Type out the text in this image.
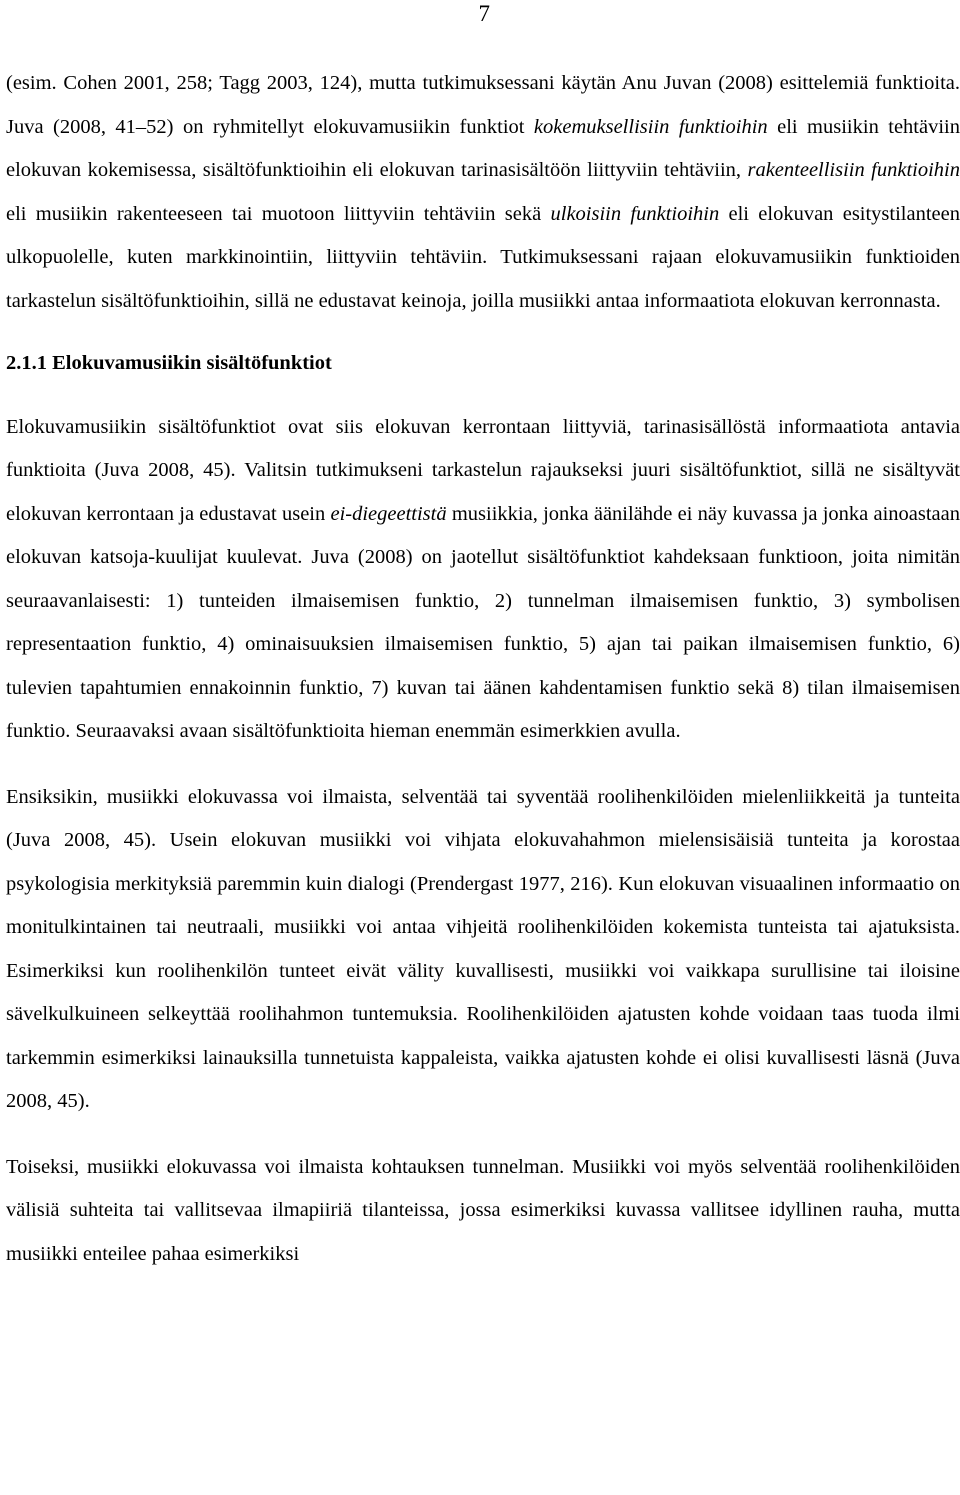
7

(esim. Cohen 2001, 258; Tagg 2003, 124), mutta tutkimuksessani käytän Anu Juvan (2008) esittelemiä funktioita. Juva (2008, 41–52) on ryhmitellyt elokuvamusiikin funktiot kokemuksellisiin funktioihin eli musiikin tehtäviin elokuvan kokemisessa, sisältöfunktioihin eli elokuvan tarinasisältöön liittyviin tehtäviin, rakenteellisiin funktioihin eli musiikin rakenteeseen tai muotoon liittyviin tehtäviin sekä ulkoisiin funktioihin eli elokuvan esitystilanteen ulkopuolelle, kuten markkinointiin, liittyviin tehtäviin. Tutkimuksessani rajaan elokuvamusiikin funktioiden tarkastelun sisältöfunktioihin, sillä ne edustavat keinoja, joilla musiikki antaa informaatiota elokuvan kerronnasta.

2.1.1 Elokuvamusiikin sisältöfunktiot

Elokuvamusiikin sisältöfunktiot ovat siis elokuvan kerrontaan liittyviä, tarinasisällöstä informaatiota antavia funktioita (Juva 2008, 45). Valitsin tutkimukseni tarkastelun rajaukseksi juuri sisältöfunktiot, sillä ne sisältyvät elokuvan kerrontaan ja edustavat usein ei-diegeettistä musiikkia, jonka äänilähde ei näy kuvassa ja jonka ainoastaan elokuvan katsoja-kuulijat kuulevat. Juva (2008) on jaotellut sisältöfunktiot kahdeksaan funktioon, joita nimitän seuraavanlaisesti: 1) tunteiden ilmaisemisen funktio, 2) tunnelman ilmaisemisen funktio, 3) symbolisen representaation funktio, 4) ominaisuuksien ilmaisemisen funktio, 5) ajan tai paikan ilmaisemisen funktio, 6) tulevien tapahtumien ennakoinnin funktio, 7) kuvan tai äänen kahdentamisen funktio sekä 8) tilan ilmaisemisen funktio. Seuraavaksi avaan sisältöfunktioita hieman enemmän esimerkkien avulla.

Ensiksikin, musiikki elokuvassa voi ilmaista, selventää tai syventää roolihenkilöiden mielenliikkeitä ja tunteita (Juva 2008, 45). Usein elokuvan musiikki voi vihjata elokuvahahmon mielensisäisiä tunteita ja korostaa psykologisia merkityksiä paremmin kuin dialogi (Prendergast 1977, 216). Kun elokuvan visuaalinen informaatio on monitulkintainen tai neutraali, musiikki voi antaa vihjeitä roolihenkilöiden kokemista tunteista tai ajatuksista. Esimerkiksi kun roolihenkilön tunteet eivät välity kuvallisesti, musiikki voi vaikkapa surullisine tai iloisine sävelkulkuineen selkeyttää roolihahmon tuntemuksia. Roolihenkilöiden ajatusten kohde voidaan taas tuoda ilmi tarkemmin esimerkiksi lainauksilla tunnetuista kappaleista, vaikka ajatusten kohde ei olisi kuvallisesti läsnä (Juva 2008, 45).

Toiseksi, musiikki elokuvassa voi ilmaista kohtauksen tunnelman. Musiikki voi myös selventää roolihenkilöiden välisiä suhteita tai vallitsevaa ilmapiiriä tilanteissa, jossa esimerkiksi kuvassa vallitsee idyllinen rauha, mutta musiikki enteilee pahaa esimerkiksi
